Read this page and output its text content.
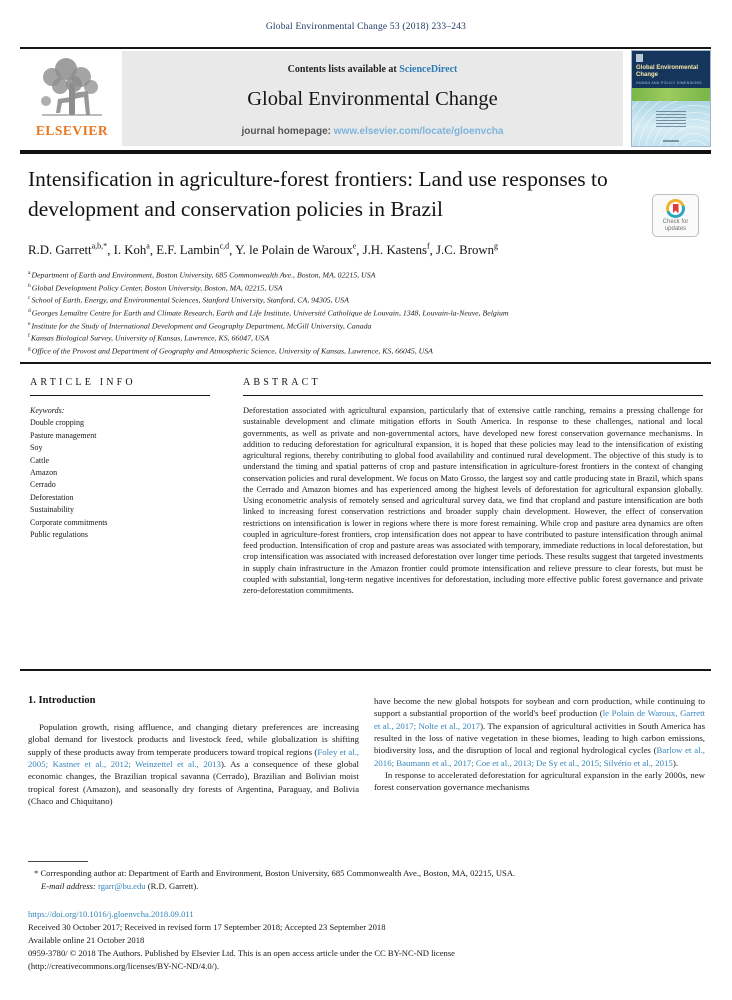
Global Environmental Change 53 (2018) 233–243
ELSEVIER
Contents lists available at ScienceDirect
Global Environmental Change
journal homepage: www.elsevier.com/locate/gloenvcha
Global Environmental Change
HUMAN AND POLICY DIMENSIONS
Intensification in agriculture-forest frontiers: Land use responses to
development and conservation policies in Brazil
Check for updates
R.D. Garrett$^{a,b,*}$, I. Koh$^a$, E.F. Lambin$^{c,d}$, Y. le Polain de Waroux$^e$, J.H. Kastens$^f$, J.C. Brown$^g$
$^a$Department of Earth and Environment, Boston University, 685 Commonwealth Ave., Boston, MA, 02215, USA
$^b$Global Development Policy Center, Boston University, Boston, MA, 02215, USA
$^c$School of Earth, Energy, and Environmental Sciences, Stanford University, Stanford, CA, 94305, USA
$^d$Georges Lemaître Centre for Earth and Climate Research, Earth and Life Institute, Université Catholique de Louvain, 1348, Louvain-la-Neuve, Belgium
$^e$Institute for the Study of International Development and Geography Department, McGill University, Canada
$^f$Kansas Biological Survey, University of Kansas, Lawrence, KS, 66047, USA
$^g$Office of the Provost and Department of Geography and Atmospheric Science, University of Kansas, Lawrence, KS, 66045, USA
ARTICLE INFO
Keywords:
Double cropping
Pasture management
Soy
Cattle
Amazon
Cerrado
Deforestation
Sustainability
Corporate commitments
Public regulations
ABSTRACT
Deforestation associated with agricultural expansion, particularly that of extensive cattle ranching, remains a pressing challenge for sustainable development and climate mitigation efforts in South America. In response to these challenges, national and local governments, as well as private and non-governmental actors, have developed new forest conservation governance mechanisms. In addition to reducing deforestation for agricultural expansion, it is hoped that these policies may lead to the intensification of existing agricultural regions, thereby contributing to global food availability and continued rural development. The objective of this study is to understand the timing and spatial patterns of crop and pasture intensification in agriculture-forest frontiers in the context of changing conservation policies and rural development. We focus on Mato Grosso, the largest soy and cattle producing state in Brazil, which spans the Cerrado and Amazon biomes and has experienced among the highest levels of deforestation for agricultural expansion globally. Using econometric analysis of remotely sensed and agricultural survey data, we find that cropland and pasture intensification are both linked to increasing forest conservation restrictions and broader supply chain development. However, the effect of conservation restrictions on intensification is lower in regions where there is more forest remaining. While crop and pasture area dynamics are often coupled in agriculture-forest frontiers, crop intensification does not appear to have contributed to pasture intensification through animal feed production. Intensification of crop and pasture areas was associated with temporary, immediate reductions in local deforestation, but crop intensification was associated with increased deforestation over longer time periods. These results suggest that targeted investments in supply chain infrastructure in the Amazon frontier could promote intensification and relieve pressure to clear forests, but must be coupled with substantial, long-term negative incentives for deforestation, including more effective public forest governance and private zero-deforestation commitments.
1. Introduction

Population growth, rising affluence, and changing dietary preferences are increasing global demand for livestock products and livestock feed, while globalization is shifting supply of these products away from temperate producers toward tropical regions (Foley et al., 2005; Kastner et al., 2012; Weinzettel et al., 2013). As a consequence of these global economic changes, the Brazilian tropical savanna (Cerrado), Brazilian and Bolivian moist tropical forest (Amazon), and seasonally dry forests of Argentina, Paraguay, and Bolivia (Chaco and Chiquitano)

have become the new global hotspots for soybean and corn production, while continuing to support a substantial proportion of the world's beef production (le Polain de Waroux, Garrett et al., 2017; Nolte et al., 2017). The expansion of agricultural activities in South America has resulted in the loss of native vegetation in these biomes, leading to high carbon emissions, biodiversity loss, and the disruption of local and regional hydrological cycles (Barlow et al., 2016; Baumann et al., 2017; Coe et al., 2013; De Sy et al., 2015; Silvério et al., 2015).

In response to accelerated deforestation for agricultural expansion in the early 2000s, new forest conservation governance mechanisms

* Corresponding author at: Department of Earth and Environment, Boston University, 685 Commonwealth Ave., Boston, MA, 02215, USA.
E-mail address: rgarr@bu.edu (R.D. Garrett).
https://doi.org/10.1016/j.gloenvcha.2018.09.011
Received 30 October 2017; Received in revised form 17 September 2018; Accepted 23 September 2018
Available online 21 October 2018
0959-3780/ © 2018 The Authors. Published by Elsevier Ltd. This is an open access article under the CC BY-NC-ND license
(http://creativecommons.org/licenses/BY-NC-ND/4.0/).
